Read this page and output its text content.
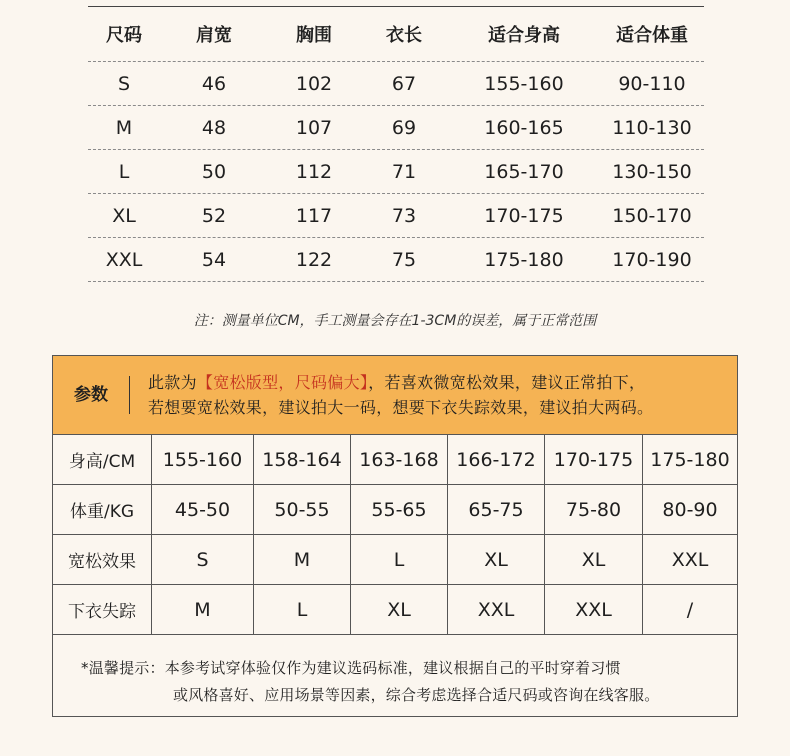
尺码	肩宽	胸围	衣长	适合身高	适合体重
S	46	102	67	155-160	90-110
M	48	107	69	160-165	110-130
L	50	112	71	165-170	130-150
XL	52	117	73	170-175	150-170
XXL	54	122	75	175-180	170-190
注：测量单位CM，手工测量会存在1-3CM的误差，属于正常范围
参数
此款为【宽松版型，尺码偏大】，若喜欢微宽松效果，建议正常拍下，
若想要宽松效果，建议拍大一码，想要下衣失踪效果，建议拍大两码。
身高/CM	155-160	158-164 163-168 166-172 170-175 175-180
体重/KG	45-50	50-55	55-65	65-75	75-80	80-90
宽松效果	S	M	L	XL	XL	XXL
下衣失踪	M	L	XL	XXL	XXL	/
*温馨提示：本参考试穿体验仅作为建议选码标准，建议根据自己的平时穿着习惯
或风格喜好、应用场景等因素，综合考虑选择合适尺码或咨询在线客服。
